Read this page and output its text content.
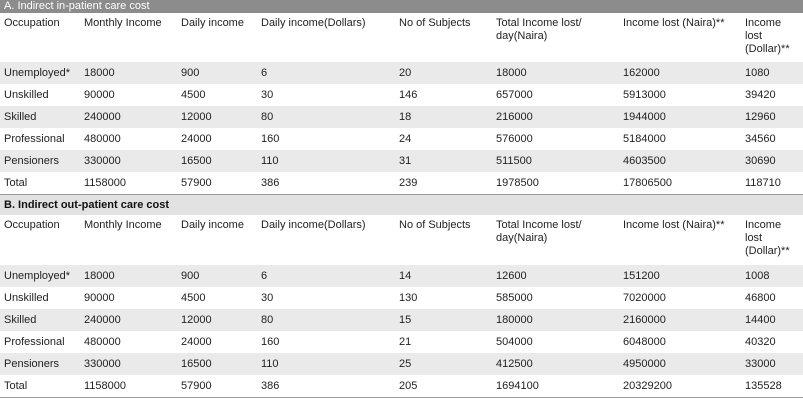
A. Indirect in-patient care cost
Occupation	Monthly Income	Daily income	Daily income(Dollars)	No of Subjects	Total Income lost/ day(Naira)	Income lost (Naira)**	Income lost (Dollar)**
Unemployed*	18000	900	6	20	18000	162000	1080
Unskilled	90000	4500	30	146	657000	5913000	39420
Skilled	240000	12000	80	18	216000	1944000	12960
Professional	480000	24000	160	24	576000	5184000	34560
Pensioners	330000	16500	110	31	511500	4603500	30690
Total	1158000	57900	386	239	1978500	17806500	118710
B. Indirect out-patient care cost
Occupation	Monthly Income	Daily income	Daily income(Dollars)	No of Subjects	Total Income lost/ day(Naira)	Income lost (Naira)**	Income lost (Dollar)**
Unemployed*	18000	900	6	14	12600	151200	1008
Unskilled	90000	4500	30	130	585000	7020000	46800
Skilled	240000	12000	80	15	180000	2160000	14400
Professional	480000	24000	160	21	504000	6048000	40320
Pensioners	330000	16500	110	25	412500	4950000	33000
Total	1158000	57900	386	205	1694100	20329200	135528
